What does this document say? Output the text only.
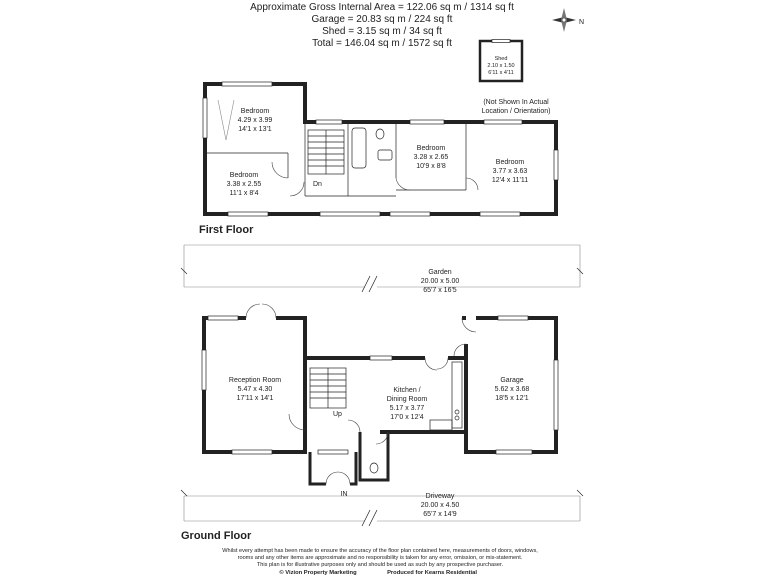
Approximate Gross Internal Area = 122.06 sq m / 1314 sq ft
Garage = 20.83 sq m / 224 sq ft
Shed = 3.15 sq m / 34 sq ft
Total = 146.04 sq m / 1572 sq ft
N
Shed
2.10 x 1.50
6'11 x 4'11
(Not Shown In Actual
Location / Orientation)
Dn
Bedroom
4.29 x 3.99
14'1 x 13'1
Bedroom
3.38 x 2.55
11'1 x 8'4
Bedroom
3.28 x 2.65
10'9 x 8'8
Bedroom
3.77 x 3.63
12'4 x 11'11
First Floor
Garden
20.00 x 5.00
65'7 x 16'5
Up
IN
Reception Room
5.47 x 4.30
17'11 x 14'1
Kitchen /
Dining Room
5.17 x 3.77
17'0 x 12'4
Garage
5.62 x 3.68
18'5 x 12'1
Driveway
20.00 x 4.50
65'7 x 14'9
Ground Floor
Whilst every attempt has been made to ensure the accuracy of the floor plan contained here, measurements of doors, windows,
rooms and any other items are approximate and no responsibility is taken for any error, omission, or mis-statement.
This plan is for illustrative purposes only and should be used as such by any prospective purchaser.
© Vizion Property Marketing	Produced for Kearns Residential
